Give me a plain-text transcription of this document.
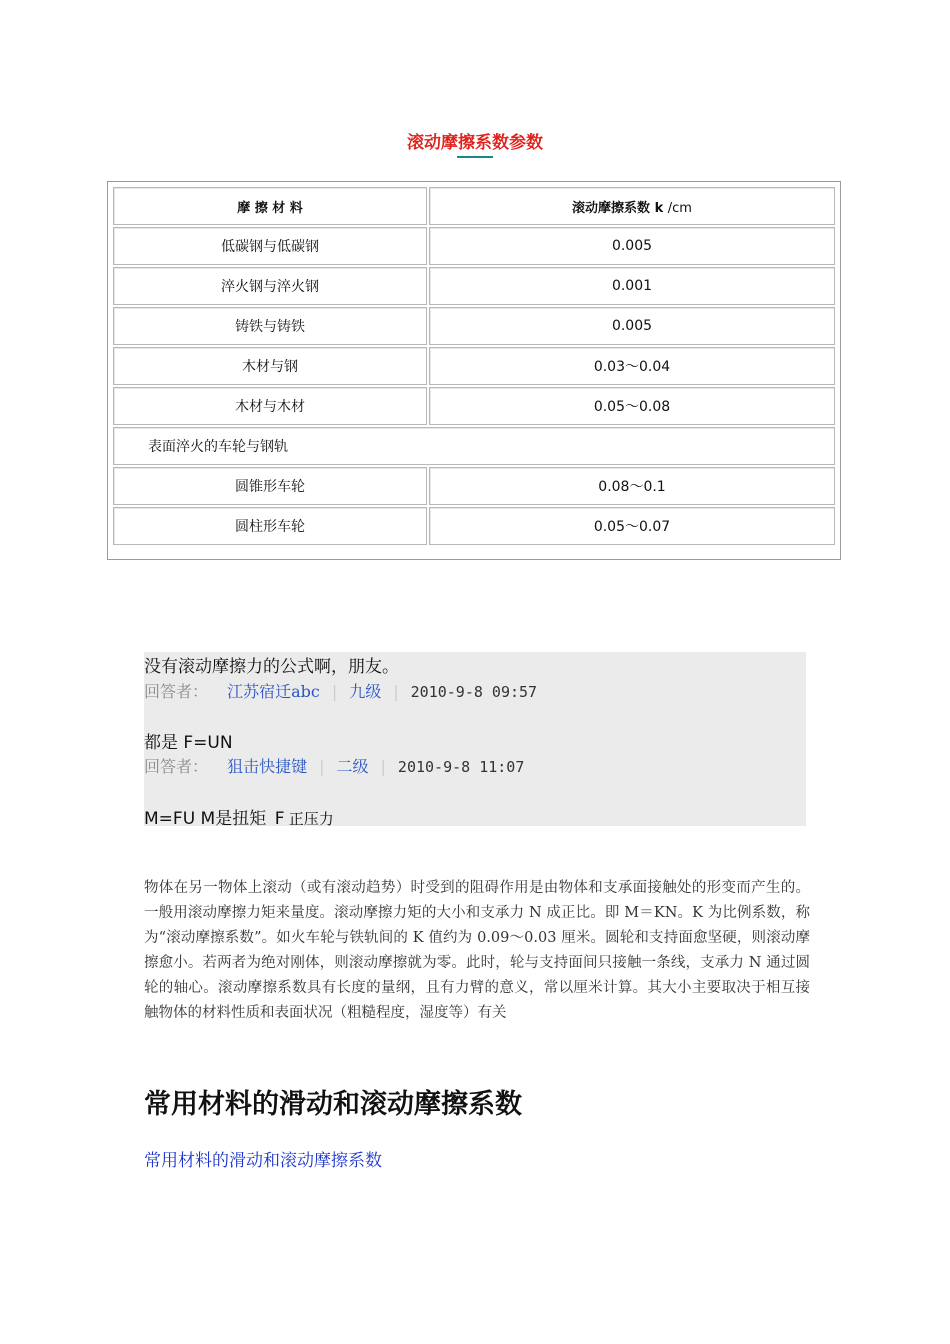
滚动摩擦系数参数
摩 擦 材 料	滚动摩擦系数 k /cm
低碳钢与低碳钢	0.005
淬火钢与淬火钢	0.001
铸铁与铸铁	0.005
木材与钢	0.03～0.04
木材与木材	0.05～0.08
表面淬火的车轮与钢轨	
圆锥形车轮	0.08～0.1
圆柱形车轮	0.05～0.07
没有滚动摩擦力的公式啊，朋友。
回答者： 江苏宿迁abc | 九级 | 2010-9-8 09:57
都是 F=UN
回答者： 狙击快捷键 | 二级 | 2010-9-8 11:07
M=FU M是扭矩 F 正压力
物体在另一物体上滚动（或有滚动趋势）时受到的阻碍作用是由物体和支承面接触处的形变而产生的。一般用滚动摩擦力矩来量度。滚动摩擦力矩的大小和支承力 N 成正比。即 M＝KN。K 为比例系数，称为“滚动摩擦系数”。如火车轮与铁轨间的 K 值约为 0.09～0.03 厘米。圆轮和支持面愈坚硬，则滚动摩擦愈小。若两者为绝对刚体，则滚动摩擦就为零。此时，轮与支持面间只接触一条线，支承力 N 通过圆轮的轴心。滚动摩擦系数具有长度的量纲，且有力臂的意义，常以厘米计算。其大小主要取决于相互接触物体的材料性质和表面状况（粗糙程度，湿度等）有关
常用材料的滑动和滚动摩擦系数
常用材料的滑动和滚动摩擦系数
